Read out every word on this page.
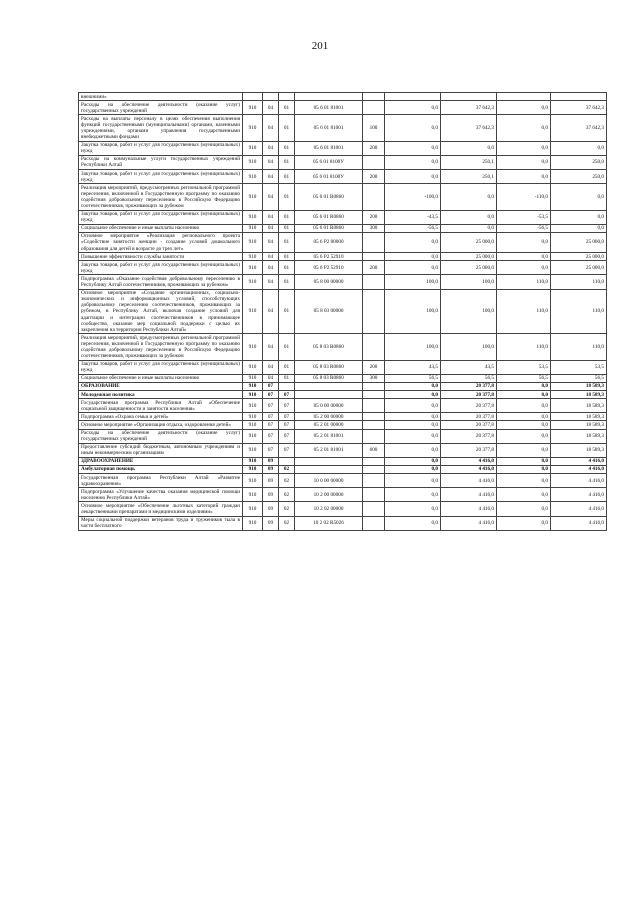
201
внешними»									
Расходы на обеспечение деятельности (оказание услуг) государственных учреждений	910	04	01	05 6 01 81001		0,0	37 642,3	0,0	37 642,3
Расходы на выплаты персоналу в целях обеспечения выполнения функций государственными (муниципальными) органами, казенными учреждениями, органами управления государственными внебюджетными фондами	910	04	01	05 6 01 81001	100	0,0	37 642,3	0,0	37 642,3
Закупка товаров, работ и услуг для государственных (муниципальных) нужд	910	04	01	05 6 01 81001	200	0,0	0,0	0,0	0,0
Расходы на коммунальные услуги государственных учреждений Республики Алтай	910	04	01	05 6 01 8100У		0,0	250,1	0,0	250,0
Закупка товаров, работ и услуг для государственных (муниципальных) нужд	910	04	01	05 6 01 8100У	200	0,0	250,1	0,0	250,0
Реализация мероприятий, предусмотренных региональной программой переселения, включенной в Государственную программу по оказанию содействия добровольному переселению в Российскую Федерацию соотечественников, проживающих за рубежом	910	04	01	05 6 01 R0860		-100,0	0,0	-110,0	0,0
Закупка товаров, работ и услуг для государственных (муниципальных) нужд	910	04	01	05 6 01 R0860	200	-43,5	0,0	-53,5	0,0
Социальное обеспечение и иные выплаты населению	910	04	01	05 6 01 R0860	300	-56,5	0,0	-56,5	0,0
Основное мероприятие «Реализация регионального проекта «Содействие занятости женщин - создание условий дошкольного образования для детей в возрасте до трех лет»	910	04	01	05 6 P2 00000		0,0	25 000,0	0,0	25 000,0
Повышение эффективности службы занятости	910	04	01	05 6 P2 52910		0,0	25 000,0	0,0	25 000,0
Закупка товаров, работ и услуг для государственных (муниципальных) нужд	910	04	01	05 6 P2 52910	200	0,0	25 000,0	0,0	25 000,0
Подпрограмма «Оказание содействия добровольному переселению в Республику Алтай соотечественников, проживающих за рубежом»	910	04	01	05 8 00 00000		100,0	100,0	110,0	110,0
Основное мероприятие «Создание организационных, социально-экономических и информационных условий, способствующих добровольному переселению соотечественников, проживающих за рубежом, в Республику Алтай, включая создание условий для адаптации и интеграции соотечественников в принимающее сообщество, оказание мер социальной поддержки с целью их закрепления на территории Республики Алтай»	910	04	01	05 8 03 00000		100,0	100,0	110,0	110,0
Реализация мероприятий, предусмотренных региональной программой переселения, включенной в Государственную программу по оказанию содействия добровольному переселению в Российскую Федерацию соотечественников, проживающих за рубежом	910	04	01	05 8 03 R0860		100,0	100,0	110,0	110,0
Закупка товаров, работ и услуг для государственных (муниципальных) нужд	910	04	01	05 8 03 R0860	200	43,5	43,5	53,5	53,5
Социальное обеспечение и иные выплаты населению	910	04	01	05 8 03 R0860	300	56,5	56,5	56,5	56,5
ОБРАЗОВАНИЕ	910	07				0,0	20 377,8	0,0	18 589,3
Молодежная политика	910	07	07			0,0	20 377,8	0,0	18 589,3
Государственная программа Республики Алтай «Обеспечение социальной защищенности и занятости населения»	910	07	07	05 0 00 00000		0,0	20 377,8	0,0	18 589,3
Подпрограмма «Охрана семьи и детей»	910	07	07	05 2 00 00000		0,0	20 377,8	0,0	18 589,3
Основное мероприятие «Организация отдыха, оздоровления детей»	910	07	07	05 2 01 00000		0,0	20 377,8	0,0	18 589,3
Расходы на обеспечение деятельности (оказание услуг) государственных учреждений	910	07	07	05 2 01 81001		0,0	20 377,8	0,0	18 589,3
Предоставление субсидий бюджетным, автономным учреждениям и иным некоммерческим организациям	910	07	07	05 2 01 81001	600	0,0	20 377,8	0,0	18 589,3
ЗДРАВООХРАНЕНИЕ	910	09				0,0	4 416,0	0,0	4 416,0
Амбулаторная помощь	910	09	02			0,0	4 416,0	0,0	4 416,0
Государственная программа Республики Алтай «Развитие здравоохранения»	910	09	02	10 0 00 00000		0,0	4 416,0	0,0	4 416,0
Подпрограмма «Улучшение качества оказания медицинской помощи населению Республики Алтай»	910	09	02	10 2 00 00000		0,0	4 416,0	0,0	4 416,0
Основное мероприятие «Обеспечение льготных категорий граждан лекарственными препаратами и медицинскими изделиями»	910	09	02	10 2 02 00000		0,0	4 416,0	0,0	4 416,0
Меры социальной поддержки ветеранов труда и тружеников тыла в части бесплатного	910	09	02	10 2 02 R5026		0,0	4 416,0	0,0	4 416,0
